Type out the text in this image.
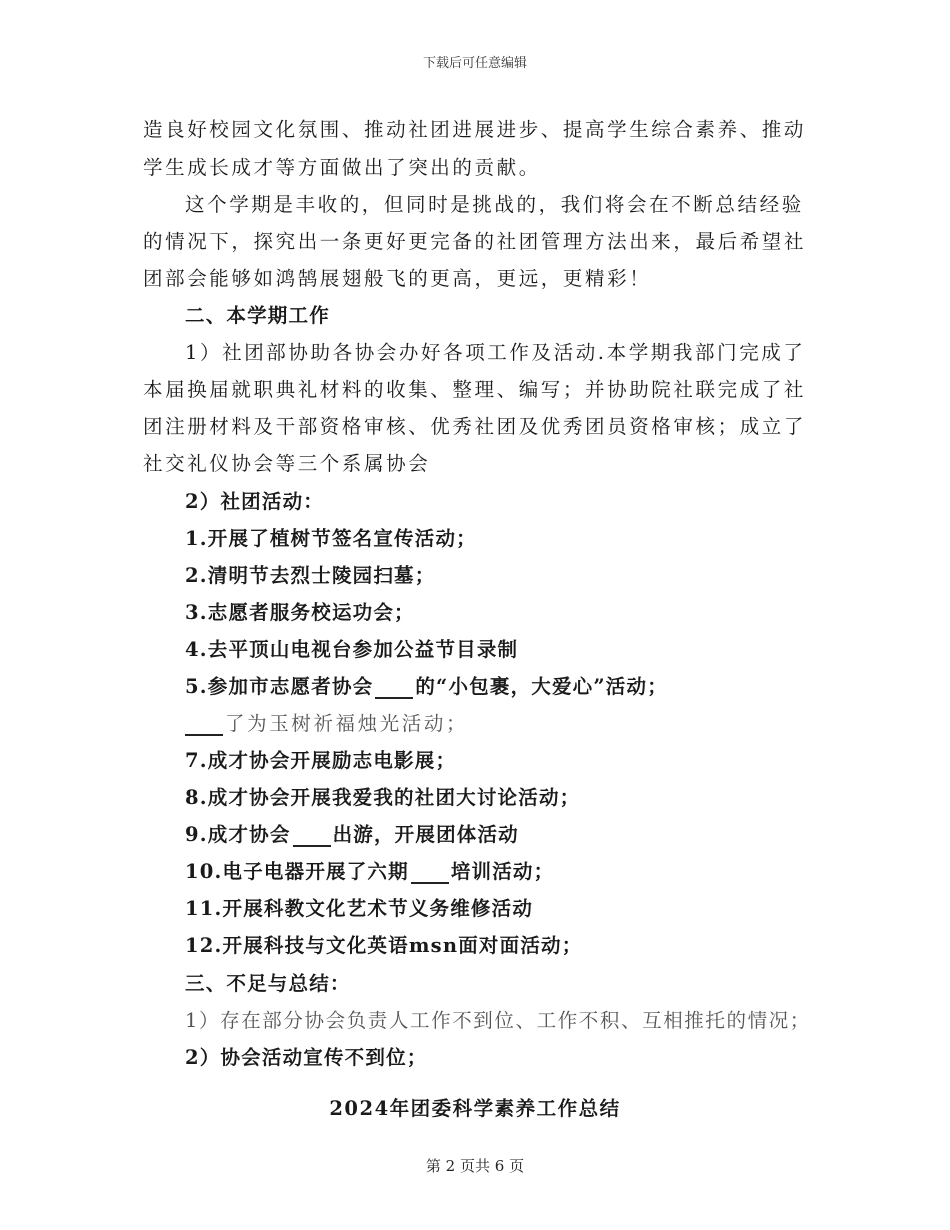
下载后可任意编辑
造良好校园文化氛围、推动社团进展进步、提高学生综合素养、推动
学生成长成才等方面做出了突出的贡献。
这个学期是丰收的，但同时是挑战的，我们将会在不断总结经验
的情况下，探究出一条更好更完备的社团管理方法出来，最后希望社
团部会能够如鸿鹄展翅般飞的更高，更远，更精彩！
二、本学期工作
1）社团部协助各协会办好各项工作及活动.本学期我部门完成了
本届换届就职典礼材料的收集、整理、编写；并协助院社联完成了社
团注册材料及干部资格审核、优秀社团及优秀团员资格审核；成立了
社交礼仪协会等三个系属协会
2）社团活动：
1.开展了植树节签名宣传活动；
2.清明节去烈士陵园扫墓；
3.志愿者服务校运功会；
4.去平顶山电视台参加公益节目录制
5.参加市志愿者协会 的“小包裹，大爱心”活动；
了为玉树祈福烛光活动；
7.成才协会开展励志电影展；
8.成才协会开展我爱我的社团大讨论活动；
9.成才协会 出游，开展团体活动
10.电子电器开展了六期 培训活动；
11.开展科教文化艺术节义务维修活动
12.开展科技与文化英语msn面对面活动；
三、不足与总结：
1）存在部分协会负责人工作不到位、工作不积、互相推托的情况；
2）协会活动宣传不到位；
2024年团委科学素养工作总结
第 2 页共 6 页
